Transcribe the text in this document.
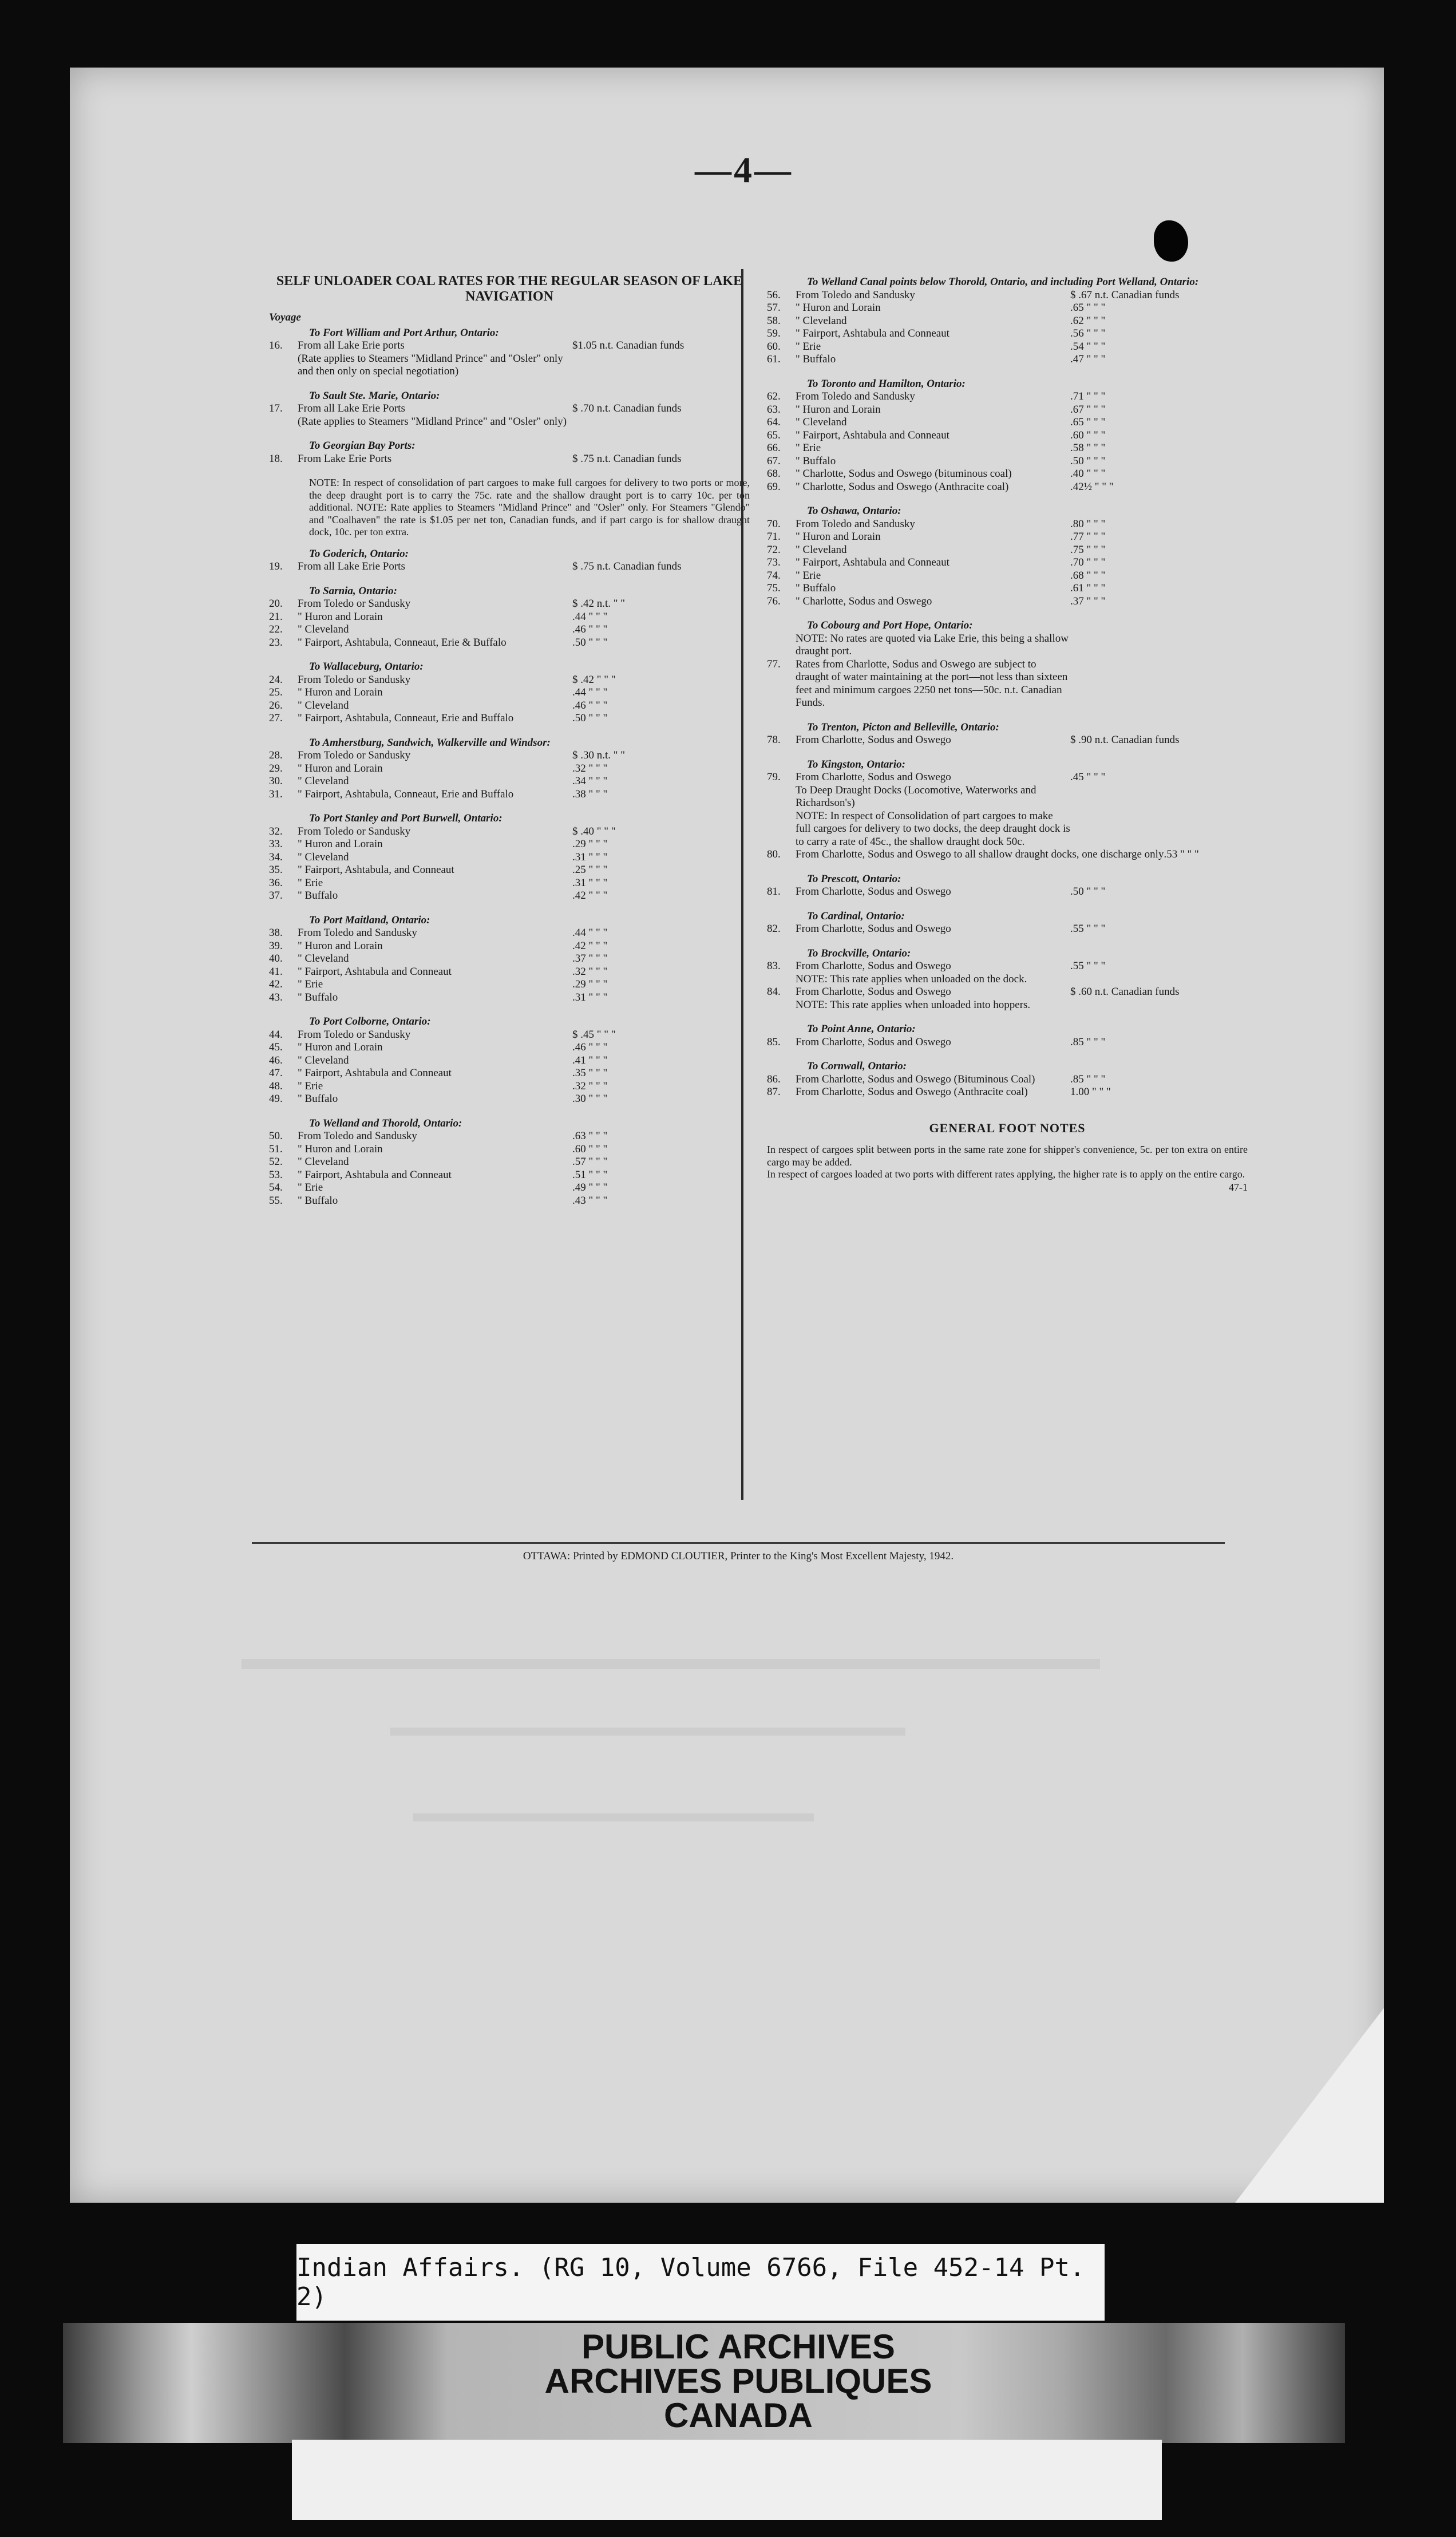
—4—
SELF UNLOADER COAL RATES FOR THE REGULAR SEASON OF LAKE NAVIGATION
Voyage
To Fort William and Port Arthur, Ontario:
16.	From all Lake Erie ports	$1.05 n.t. Canadian funds
(Rate applies to Steamers "Midland Prince" and "Osler" only and then only on special negotiation)
To Sault Ste. Marie, Ontario:
17.	From all Lake Erie Ports	$ .70 n.t. Canadian funds
(Rate applies to Steamers "Midland Prince" and "Osler" only)
To Georgian Bay Ports:
18.	From Lake Erie Ports	$ .75 n.t. Canadian funds
NOTE: In respect of consolidation of part cargoes to make full cargoes for delivery to two ports or more, the deep draught port is to carry the 75c. rate and the shallow draught port is to carry 10c. per ton additional. NOTE: Rate applies to Steamers "Midland Prince" and "Osler" only. For Steamers "Glendo" and "Coalhaven" the rate is $1.05 per net ton, Canadian funds, and if part cargo is for shallow draught dock, 10c. per ton extra.
To Goderich, Ontario:
19.	From all Lake Erie Ports	$ .75 n.t. Canadian funds
To Sarnia, Ontario:
20.	From Toledo or Sandusky	$ .42 n.t. " "
21.	" Huron and Lorain	.44 " " "
22.	" Cleveland	.46 " " "
23.	" Fairport, Ashtabula, Conneaut, Erie & Buffalo	.50 " " "
To Wallaceburg, Ontario:
24.	From Toledo or Sandusky	$ .42 " " "
25.	" Huron and Lorain	.44 " " "
26.	" Cleveland	.46 " " "
27.	" Fairport, Ashtabula, Conneaut, Erie and Buffalo	.50 " " "
To Amherstburg, Sandwich, Walkerville and Windsor:
28.	From Toledo or Sandusky	$ .30 n.t. " "
29.	" Huron and Lorain	.32 " " "
30.	" Cleveland	.34 " " "
31.	" Fairport, Ashtabula, Conneaut, Erie and Buffalo	.38 " " "
To Port Stanley and Port Burwell, Ontario:
32.	From Toledo or Sandusky	$ .40 " " "
33.	" Huron and Lorain	.29 " " "
34.	" Cleveland	.31 " " "
35.	" Fairport, Ashtabula, and Conneaut	.25 " " "
36.	" Erie	.31 " " "
37.	" Buffalo	.42 " " "
To Port Maitland, Ontario:
38.	From Toledo and Sandusky	.44 " " "
39.	" Huron and Lorain	.42 " " "
40.	" Cleveland	.37 " " "
41.	" Fairport, Ashtabula and Conneaut	.32 " " "
42.	" Erie	.29 " " "
43.	" Buffalo	.31 " " "
To Port Colborne, Ontario:
44.	From Toledo or Sandusky	$ .45 " " "
45.	" Huron and Lorain	.46 " " "
46.	" Cleveland	.41 " " "
47.	" Fairport, Ashtabula and Conneaut	.35 " " "
48.	" Erie	.32 " " "
49.	" Buffalo	.30 " " "
To Welland and Thorold, Ontario:
50.	From Toledo and Sandusky	.63 " " "
51.	" Huron and Lorain	.60 " " "
52.	" Cleveland	.57 " " "
53.	" Fairport, Ashtabula and Conneaut	.51 " " "
54.	" Erie	.49 " " "
55.	" Buffalo	.43 " " "
To Welland Canal points below Thorold, Ontario, and including Port Welland, Ontario:
56.	From Toledo and Sandusky	$ .67 n.t. Canadian funds
57.	" Huron and Lorain	.65 " " "
58.	" Cleveland	.62 " " "
59.	" Fairport, Ashtabula and Conneaut	.56 " " "
60.	" Erie	.54 " " "
61.	" Buffalo	.47 " " "
To Toronto and Hamilton, Ontario:
62.	From Toledo and Sandusky	.71 " " "
63.	" Huron and Lorain	.67 " " "
64.	" Cleveland	.65 " " "
65.	" Fairport, Ashtabula and Conneaut	.60 " " "
66.	" Erie	.58 " " "
67.	" Buffalo	.50 " " "
68.	" Charlotte, Sodus and Oswego (bituminous coal)	.40 " " "
69.	" Charlotte, Sodus and Oswego (Anthracite coal)	.42½ " " "
To Oshawa, Ontario:
70.	From Toledo and Sandusky	.80 " " "
71.	" Huron and Lorain	.77 " " "
72.	" Cleveland	.75 " " "
73.	" Fairport, Ashtabula and Conneaut	.70 " " "
74.	" Erie	.68 " " "
75.	" Buffalo	.61 " " "
76.	" Charlotte, Sodus and Oswego	.37 " " "
To Cobourg and Port Hope, Ontario:
NOTE: No rates are quoted via Lake Erie, this being a shallow draught port.
77.	Rates from Charlotte, Sodus and Oswego are subject to draught of water maintaining at the port—not less than sixteen feet and minimum cargoes 2250 net tons—50c. n.t. Canadian Funds.
To Trenton, Picton and Belleville, Ontario:
78.	From Charlotte, Sodus and Oswego	$ .90 n.t. Canadian funds
To Kingston, Ontario:
79.	From Charlotte, Sodus and Oswego	.45 " " "
To Deep Draught Docks (Locomotive, Waterworks and Richardson's)
NOTE: In respect of Consolidation of part cargoes to make full cargoes for delivery to two docks, the deep draught dock is to carry a rate of 45c., the shallow draught dock 50c.
80.	From Charlotte, Sodus and Oswego to all shallow draught docks, one discharge only .53 " " "
To Prescott, Ontario:
81.	From Charlotte, Sodus and Oswego	.50 " " "
To Cardinal, Ontario:
82.	From Charlotte, Sodus and Oswego	.55 " " "
To Brockville, Ontario:
83.	From Charlotte, Sodus and Oswego	.55 " " "
NOTE: This rate applies when unloaded on the dock.
84.	From Charlotte, Sodus and Oswego	$ .60 n.t. Canadian funds
NOTE: This rate applies when unloaded into hoppers.
To Point Anne, Ontario:
85.	From Charlotte, Sodus and Oswego	.85 " " "
To Cornwall, Ontario:
86.	From Charlotte, Sodus and Oswego (Bituminous Coal)	.85 " " "
87.	From Charlotte, Sodus and Oswego (Anthracite coal)	1.00 " " "
GENERAL FOOT NOTES
In respect of cargoes split between ports in the same rate zone for shipper's convenience, 5c. per ton extra on entire cargo may be added.
In respect of cargoes loaded at two ports with different rates applying, the higher rate is to apply on the entire cargo.
47-1
OTTAWA: Printed by EDMOND CLOUTIER, Printer to the King's Most Excellent Majesty, 1942.
Indian Affairs. (RG 10, Volume 6766, File 452-14 Pt. 2)
PUBLIC ARCHIVES
ARCHIVES PUBLIQUES
CANADA
